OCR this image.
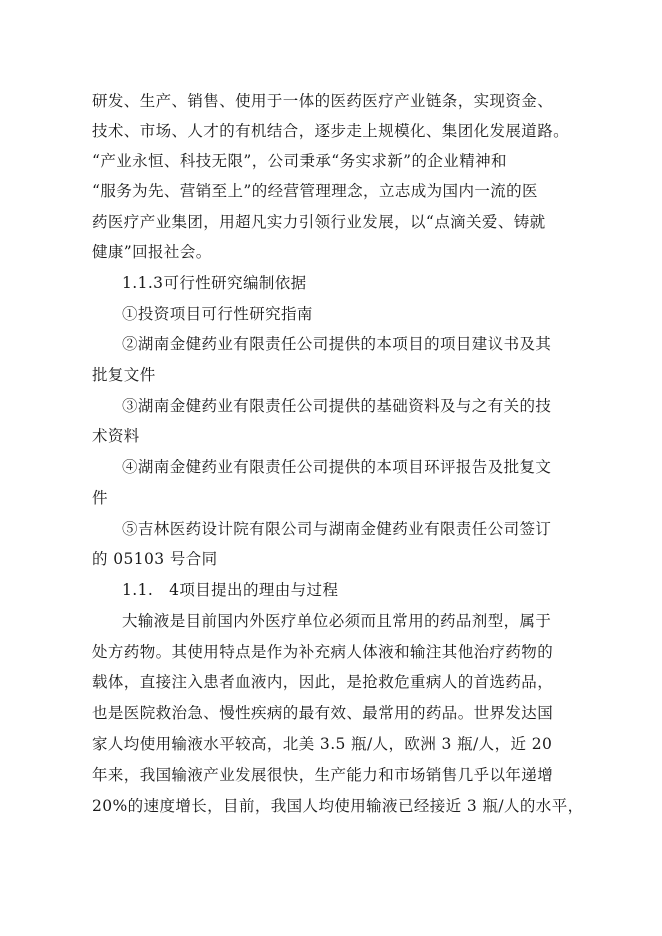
研发、生产、销售、使用于一体的医药医疗产业链条，实现资金、
技术、市场、人才的有机结合，逐步走上规模化、集团化发展道路。
“产业永恒、科技无限”，公司秉承“务实求新”的企业精神和
“服务为先、营销至上”的经营管理理念，立志成为国内一流的医
药医疗产业集团，用超凡实力引领行业发展，以“点滴关爱、铸就
健康”回报社会。
1.1.3可行性研究编制依据
①投资项目可行性研究指南
②湖南金健药业有限责任公司提供的本项目的项目建议书及其
批复文件
③湖南金健药业有限责任公司提供的基础资料及与之有关的技
术资料
④湖南金健药业有限责任公司提供的本项目环评报告及批复文
件
⑤吉林医药设计院有限公司与湖南金健药业有限责任公司签订
的 05103 号合同
1.1.　4项目提出的理由与过程
大输液是目前国内外医疗单位必须而且常用的药品剂型，属于
处方药物。其使用特点是作为补充病人体液和输注其他治疗药物的
载体，直接注入患者血液内，因此，是抢救危重病人的首选药品，
也是医院救治急、慢性疾病的最有效、最常用的药品。世界发达国
家人均使用输液水平较高，北美 3.5 瓶/人，欧洲 3 瓶/人，近 20
年来，我国输液产业发展很快，生产能力和市场销售几乎以年递增
20%的速度增长，目前，我国人均使用输液已经接近 3 瓶/人的水平，
